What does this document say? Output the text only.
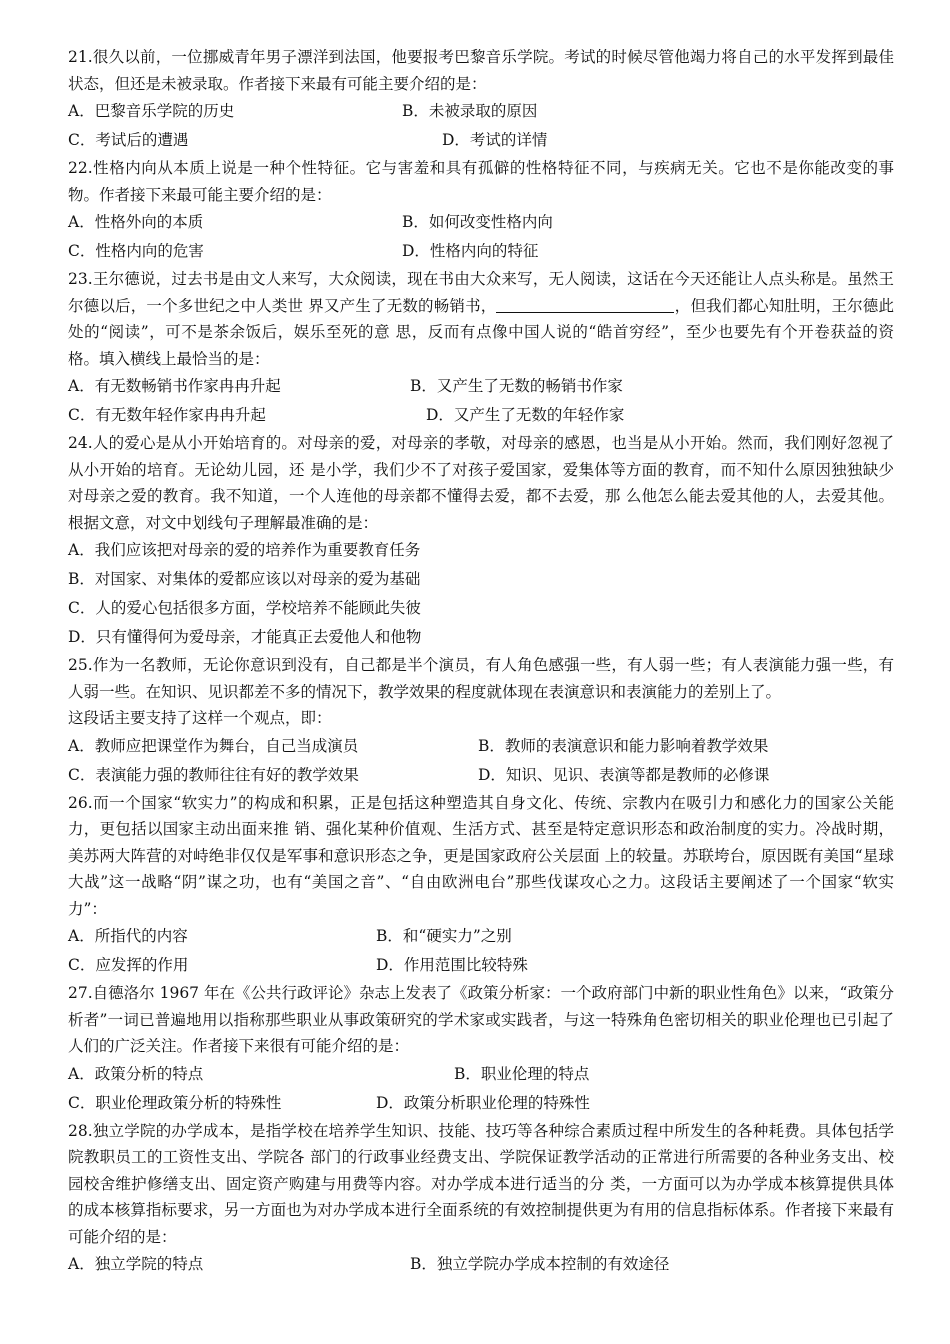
21.很久以前，一位挪威青年男子漂洋到法国，他要报考巴黎音乐学院。考试的时候尽管他竭力将自己的水平发挥到最佳状态，但还是未被录取。作者接下来最有可能主要介绍的是：

A．巴黎音乐学院的历史	B．未被录取的原因
C．考试后的遭遇	D．考试的详情

22.性格内向从本质上说是一种个性特征。它与害羞和具有孤僻的性格特征不同，与疾病无关。它也不是你能改变的事物。作者接下来最可能主要介绍的是：

A．性格外向的本质	B．如何改变性格内向
C．性格内向的危害	D．性格内向的特征

23.王尔德说，过去书是由文人来写，大众阅读，现在书由大众来写，无人阅读，这话在今天还能让人点头称是。虽然王尔德以后，一个多世纪之中人类世 界又产生了无数的畅销书，	，但我们都心知肚明，王尔德此处的“阅读”，可不是茶余饭后，娱乐至死的意 思，反而有点像中国人说的“皓首穷经”，至少也要先有个开卷获益的资格。填入横线上最恰当的是：

A．有无数畅销书作家冉冉升起	B．又产生了无数的畅销书作家
C．有无数年轻作家冉冉升起	D．又产生了无数的年轻作家

24.人的爱心是从小开始培育的。对母亲的爱，对母亲的孝敬，对母亲的感恩，也当是从小开始。然而，我们刚好忽视了从小开始的培育。无论幼儿园，还 是小学，我们少不了对孩子爱国家，爱集体等方面的教育，而不知什么原因独独缺少对母亲之爱的教育。我不知道，一个人连他的母亲都不懂得去爱，都不去爱，那 么他怎么能去爱其他的人，去爱其他。根据文意，对文中划线句子理解最准确的是：

A．我们应该把对母亲的爱的培养作为重要教育任务
B．对国家、对集体的爱都应该以对母亲的爱为基础
C．人的爱心包括很多方面，学校培养不能顾此失彼
D．只有懂得何为爱母亲，才能真正去爱他人和他物

25.作为一名教师，无论你意识到没有，自己都是半个演员，有人角色感强一些，有人弱一些；有人表演能力强一些，有人弱一些。在知识、见识都差不多的情况下，教学效果的程度就体现在表演意识和表演能力的差别上了。

这段话主要支持了这样一个观点，即：

A．教师应把课堂作为舞台，自己当成演员	B．教师的表演意识和能力影响着教学效果
C．表演能力强的教师往往有好的教学效果	D．知识、见识、表演等都是教师的必修课

26.而一个国家“软实力”的构成和积累，正是包括这种塑造其自身文化、传统、宗教内在吸引力和感化力的国家公关能力，更包括以国家主动出面来推 销、强化某种价值观、生活方式、甚至是特定意识形态和政治制度的实力。冷战时期，美苏两大阵营的对峙绝非仅仅是军事和意识形态之争，更是国家政府公关层面 上的较量。苏联垮台，原因既有美国“星球大战”这一战略“阴”谋之功，也有“美国之音”、“自由欧洲电台”那些伐谋攻心之力。这段话主要阐述了一个国家“软实力”：

A．所指代的内容	B．和“硬实力”之别
C．应发挥的作用	D．作用范围比较特殊

27.自德洛尔 1967 年在《公共行政评论》杂志上发表了《政策分析家：一个政府部门中新的职业性角色》以来，“政策分析者”一词已普遍地用以指称那些职业从事政策研究的学术家或实践者，与这一特殊角色密切相关的职业伦理也已引起了人们的广泛关注。作者接下来很有可能介绍的是：

A．政策分析的特点	B．职业伦理的特点
C．职业伦理政策分析的特殊性	D．政策分析职业伦理的特殊性

28.独立学院的办学成本，是指学校在培养学生知识、技能、技巧等各种综合素质过程中所发生的各种耗费。具体包括学院教职员工的工资性支出、学院各 部门的行政事业经费支出、学院保证教学活动的正常进行所需要的各种业务支出、校园校舍维护修缮支出、固定资产购建与用费等内容。对办学成本进行适当的分 类，一方面可以为办学成本核算提供具体的成本核算指标要求，另一方面也为对办学成本进行全面系统的有效控制提供更为有用的信息指标体系。作者接下来最有可能介绍的是：

A．独立学院的特点	B．独立学院办学成本控制的有效途径
